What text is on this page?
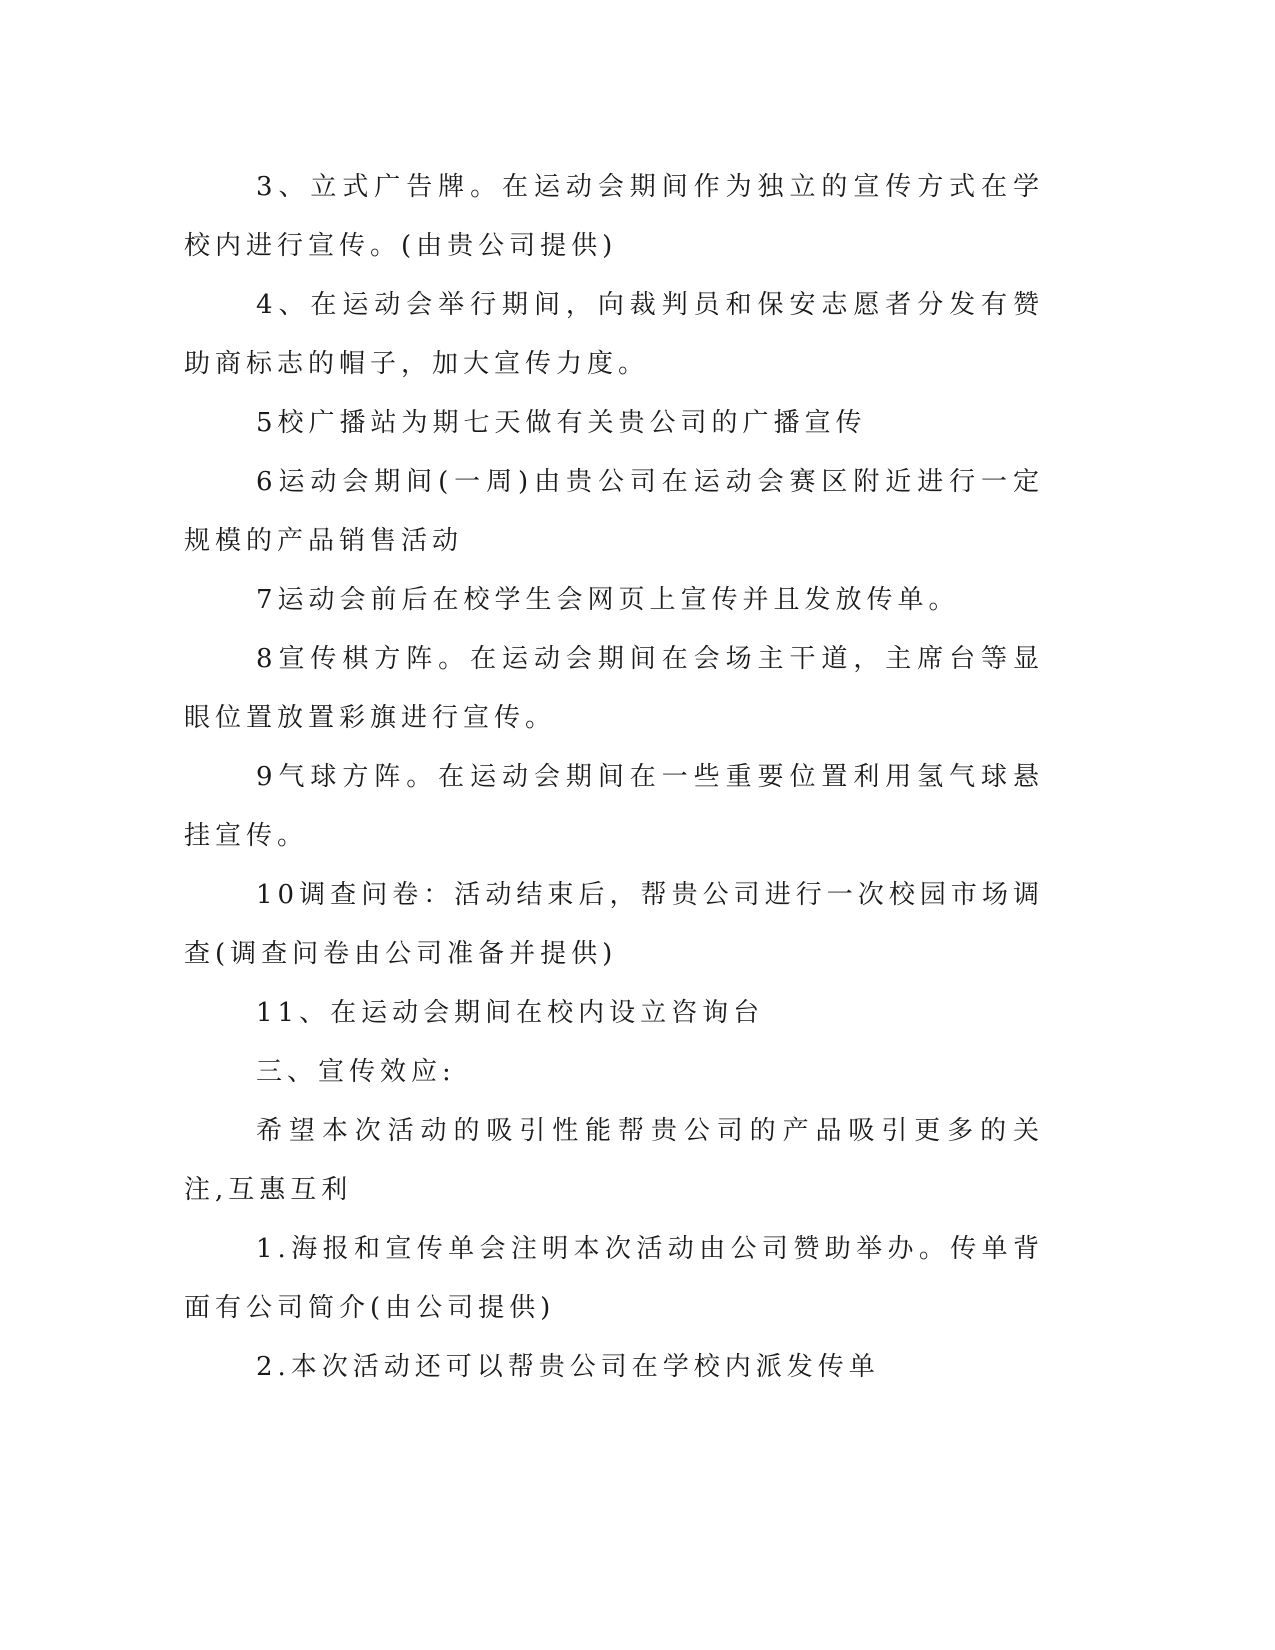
3、立式广告牌。在运动会期间作为独立的宣传方式在学校内进行宣传。(由贵公司提供)

4、在运动会举行期间，向裁判员和保安志愿者分发有赞助商标志的帽子，加大宣传力度。

5校广播站为期七天做有关贵公司的广播宣传

6运动会期间(一周)由贵公司在运动会赛区附近进行一定规模的产品销售活动

7运动会前后在校学生会网页上宣传并且发放传单。

8宣传棋方阵。在运动会期间在会场主干道，主席台等显眼位置放置彩旗进行宣传。

9气球方阵。在运动会期间在一些重要位置利用氢气球悬挂宣传。

10调查问卷：活动结束后，帮贵公司进行一次校园市场调查(调查问卷由公司准备并提供)

11、在运动会期间在校内设立咨询台

三、宣传效应:

希望本次活动的吸引性能帮贵公司的产品吸引更多的关注,互惠互利

1.海报和宣传单会注明本次活动由公司赞助举办。传单背面有公司简介(由公司提供)

2.本次活动还可以帮贵公司在学校内派发传单
